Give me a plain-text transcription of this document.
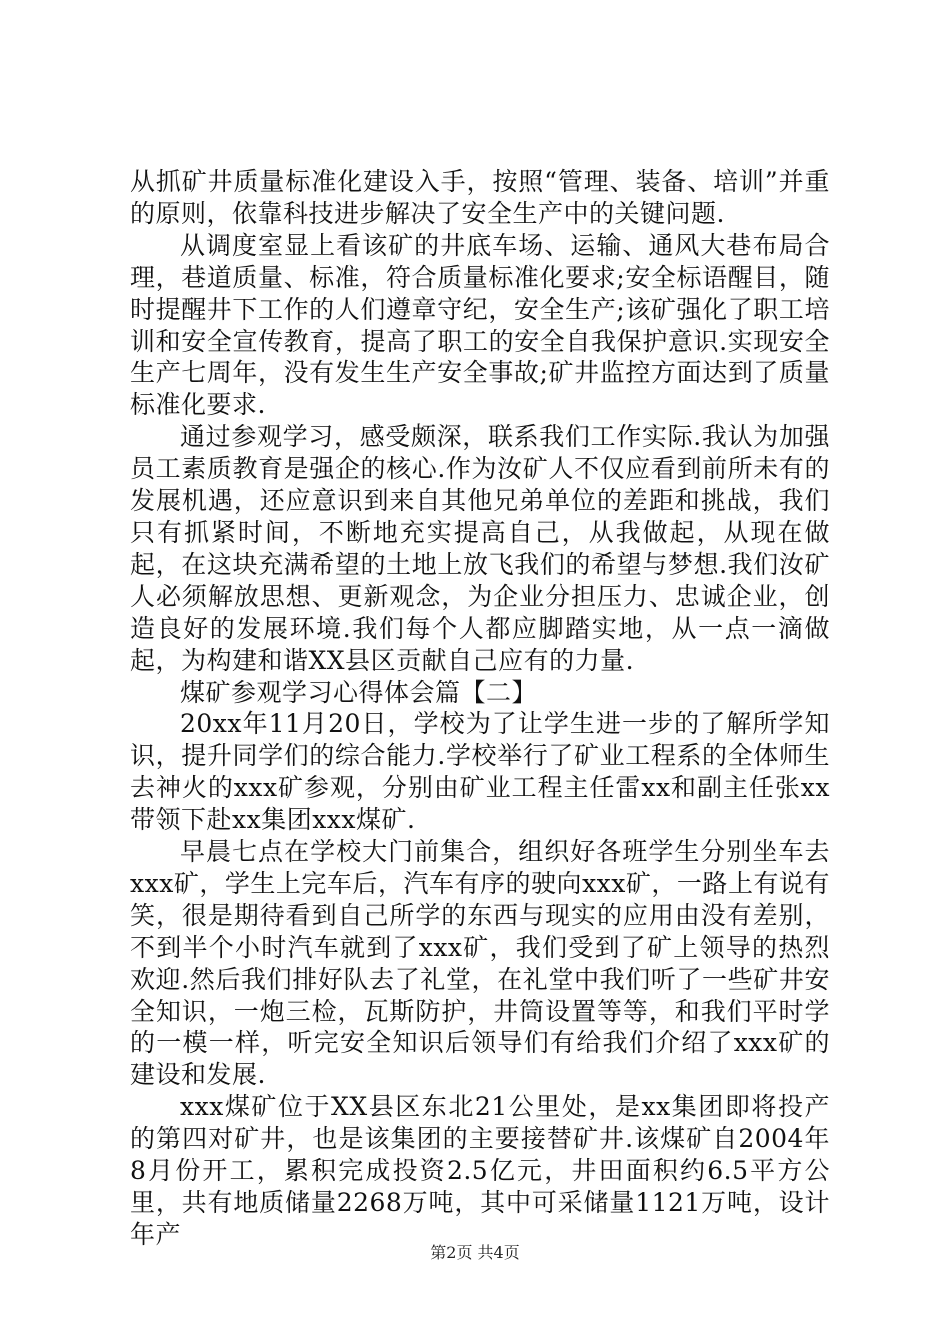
从抓矿井质量标准化建设入手，按照“管理、装备、培训”并重的原则，依靠科技进步解决了安全生产中的关键问题.

从调度室显上看该矿的井底车场、运输、通风大巷布局合理，巷道质量、标准，符合质量标准化要求;安全标语醒目，随时提醒井下工作的人们遵章守纪，安全生产;该矿强化了职工培训和安全宣传教育，提高了职工的安全自我保护意识.实现安全生产七周年，没有发生生产安全事故;矿井监控方面达到了质量标准化要求.

通过参观学习，感受颇深，联系我们工作实际.我认为加强员工素质教育是强企的核心.作为汝矿人不仅应看到前所未有的发展机遇，还应意识到来自其他兄弟单位的差距和挑战，我们只有抓紧时间，不断地充实提高自己，从我做起，从现在做起，在这块充满希望的土地上放飞我们的希望与梦想.我们汝矿人必须解放思想、更新观念，为企业分担压力、忠诚企业，创造良好的发展环境.我们每个人都应脚踏实地，从一点一滴做起，为构建和谐XX县区贡献自己应有的力量.

煤矿参观学习心得体会篇【二】

20xx年11月20日，学校为了让学生进一步的了解所学知识，提升同学们的综合能力.学校举行了矿业工程系的全体师生去神火的xxx矿参观，分别由矿业工程主任雷xx和副主任张xx带领下赴xx集团xxx煤矿.

早晨七点在学校大门前集合，组织好各班学生分别坐车去xxx矿，学生上完车后，汽车有序的驶向xxx矿，一路上有说有笑，很是期待看到自己所学的东西与现实的应用由没有差别，不到半个小时汽车就到了xxx矿，我们受到了矿上领导的热烈欢迎.然后我们排好队去了礼堂，在礼堂中我们听了一些矿井安全知识，一炮三检，瓦斯防护，井筒设置等等，和我们平时学的一模一样，听完安全知识后领导们有给我们介绍了xxx矿的建设和发展.

xxx煤矿位于XX县区东北21公里处，是xx集团即将投产的第四对矿井，也是该集团的主要接替矿井.该煤矿自2004年8月份开工，累积完成投资2.5亿元，井田面积约6.5平方公里，共有地质储量2268万吨，其中可采储量1121万吨，设计年产

第2页 共4页
